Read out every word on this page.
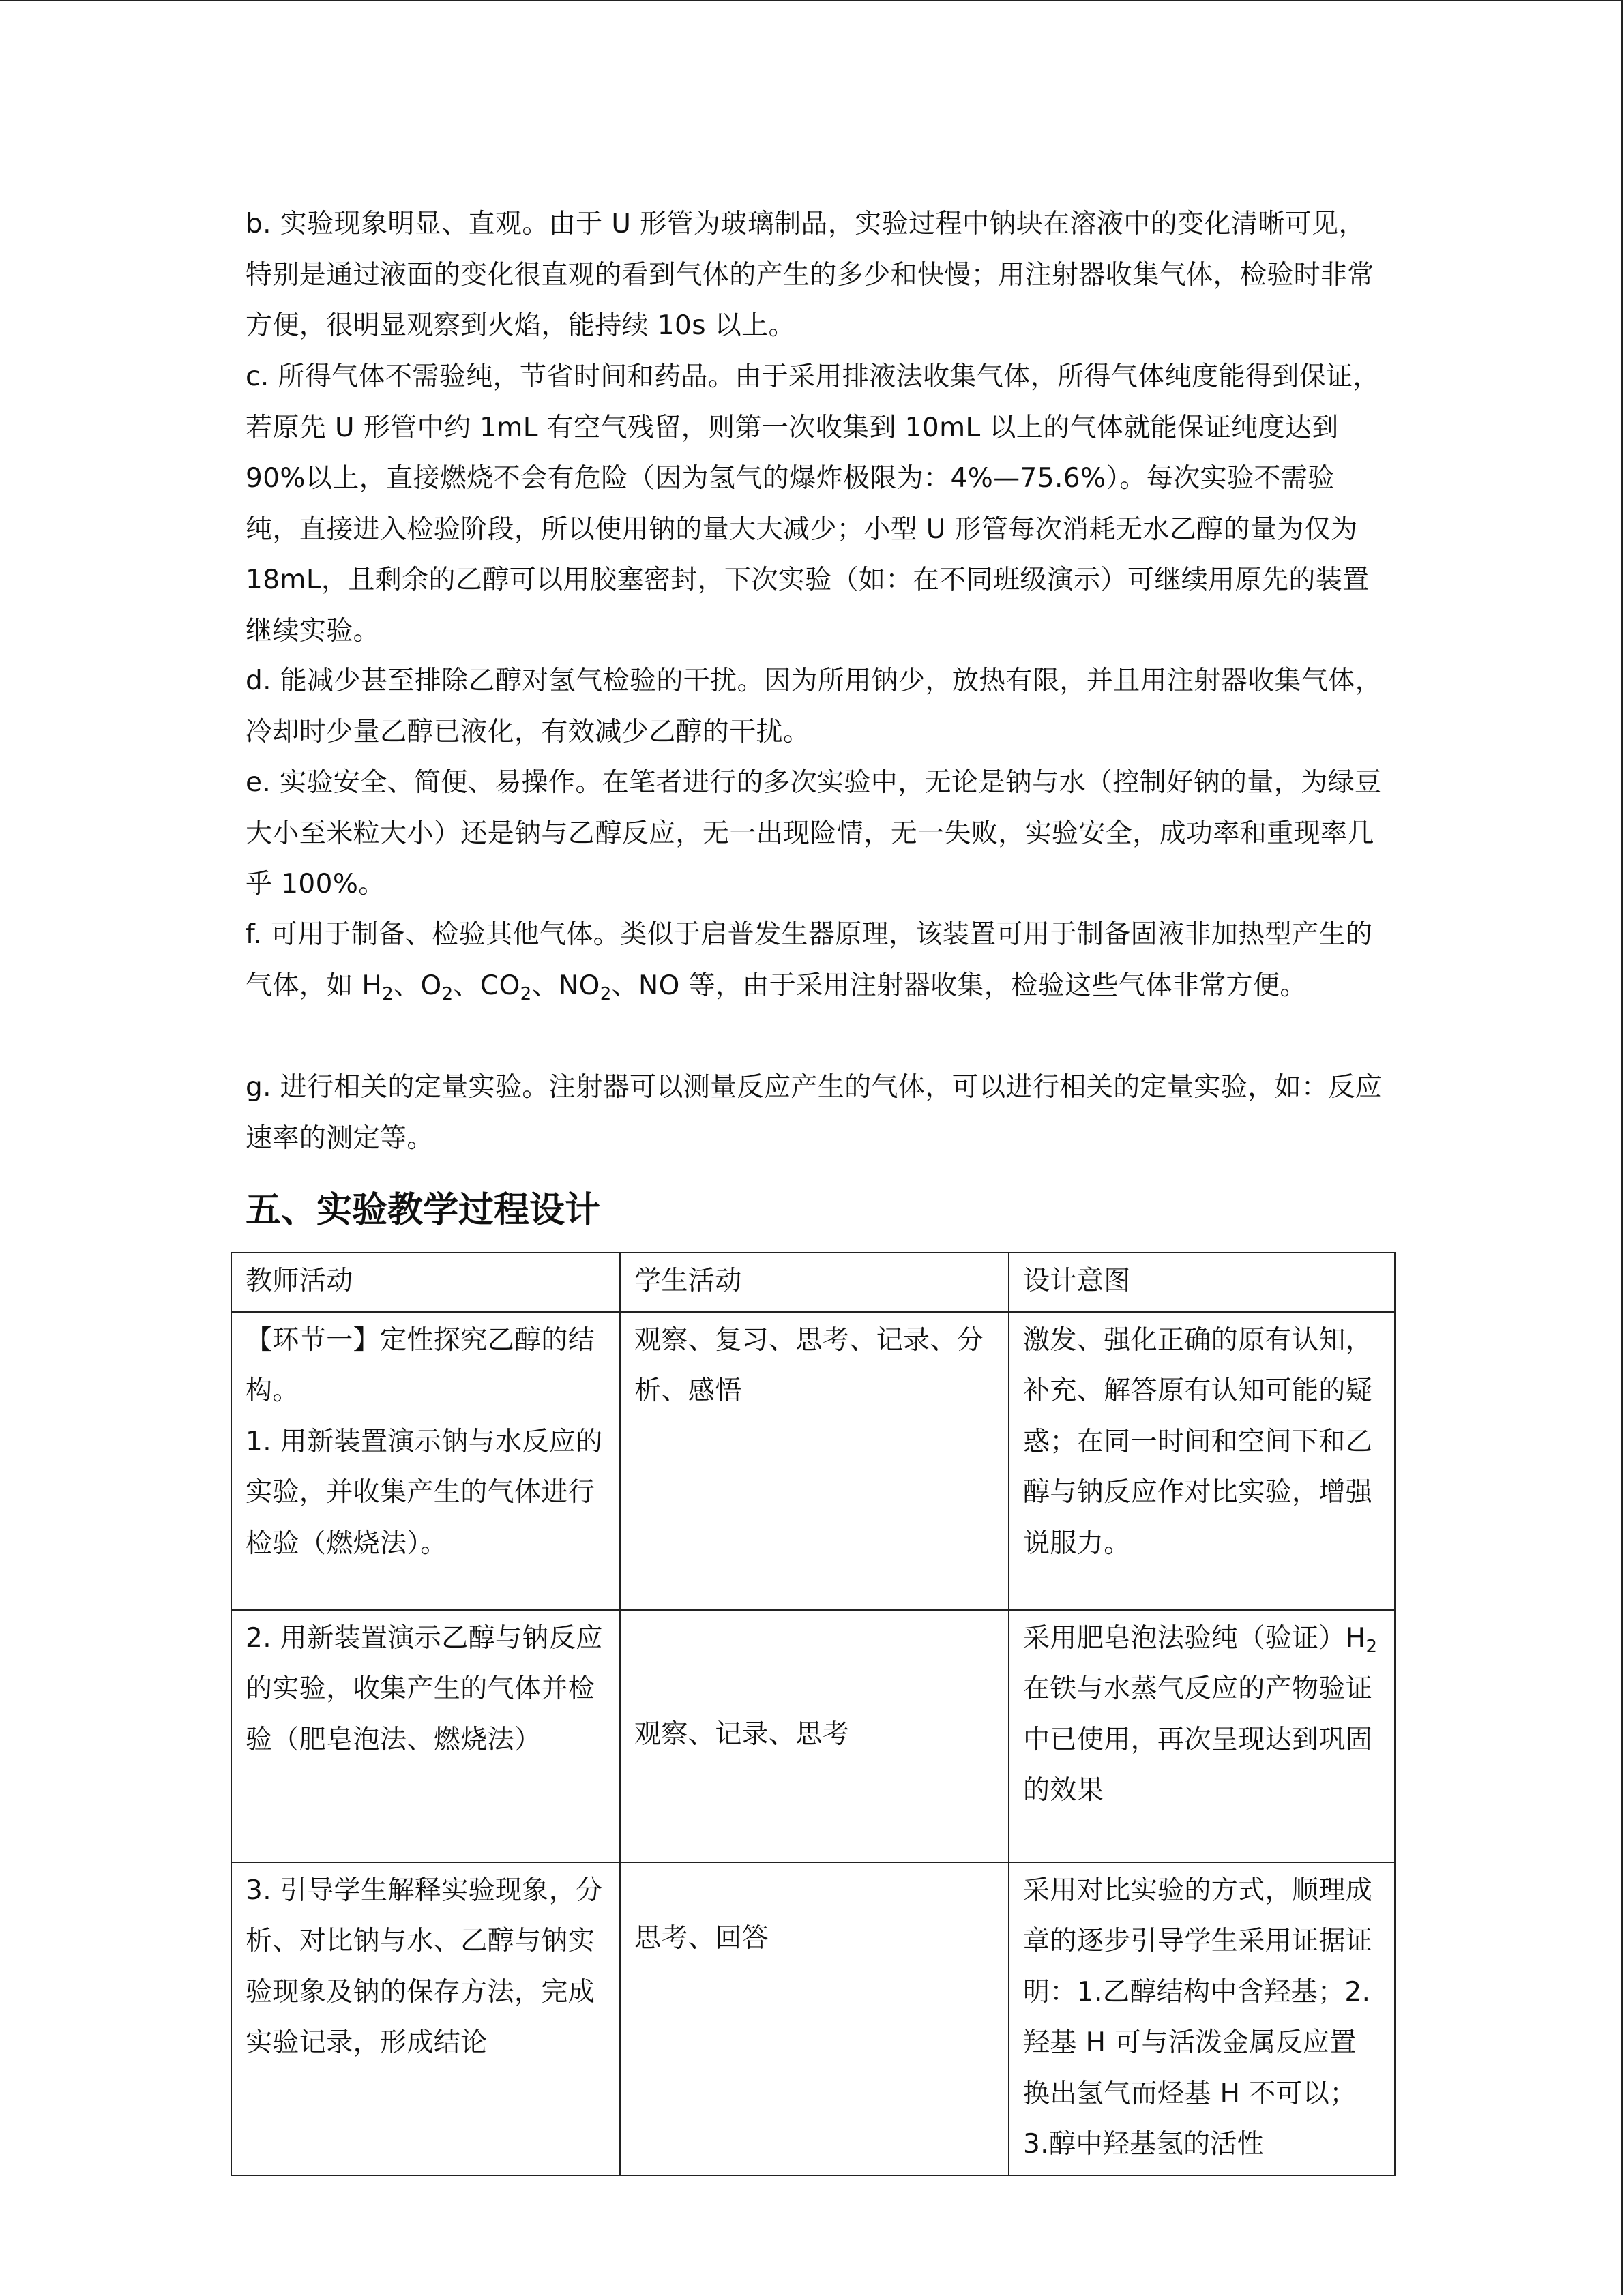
b. 实验现象明显、直观。由于 U 形管为玻璃制品，实验过程中钠块在溶液中的变化清晰可见，特别是通过液面的变化很直观的看到气体的产生的多少和快慢；用注射器收集气体，检验时非常方便，很明显观察到火焰，能持续 10s 以上。

c. 所得气体不需验纯，节省时间和药品。由于采用排液法收集气体，所得气体纯度能得到保证，若原先 U 形管中约 1mL 有空气残留，则第一次收集到 10mL 以上的气体就能保证纯度达到 90%以上，直接燃烧不会有危险（因为氢气的爆炸极限为：4%—75.6%）。每次实验不需验纯，直接进入检验阶段，所以使用钠的量大大减少；小型 U 形管每次消耗无水乙醇的量为仅为 18mL，且剩余的乙醇可以用胶塞密封，下次实验（如：在不同班级演示）可继续用原先的装置继续实验。

d. 能减少甚至排除乙醇对氢气检验的干扰。因为所用钠少，放热有限，并且用注射器收集气体，冷却时少量乙醇已液化，有效减少乙醇的干扰。

e. 实验安全、简便、易操作。在笔者进行的多次实验中，无论是钠与水（控制好钠的量，为绿豆大小至米粒大小）还是钠与乙醇反应，无一出现险情，无一失败，实验安全，成功率和重现率几乎 100%。

f. 可用于制备、检验其他气体。类似于启普发生器原理，该装置可用于制备固液非加热型产生的气体，如 $H_2$、$O_2$、$CO_2$、$NO_2$、NO 等，由于采用注射器收集，检验这些气体非常方便。

g. 进行相关的定量实验。注射器可以测量反应产生的气体，可以进行相关的定量实验，如：反应速率的测定等。

五、实验教学过程设计
教师活动	学生活动	设计意图

【环节一】定性探究乙醇的结构。
1. 用新装置演示钠与水反应的实验，并收集产生的气体进行检验（燃烧法）。	观察、复习、思考、记录、分析、感悟	激发、强化正确的原有认知，补充、解答原有认知可能的疑惑；在同一时间和空间下和乙醇与钠反应作对比实验，增强说服力。
2. 用新装置演示乙醇与钠反应的实验，收集产生的气体并检验（肥皂泡法、燃烧法）	观察、记录、思考	采用肥皂泡法验纯（验证）$H_2$在铁与水蒸气反应的产物验证中已使用，再次呈现达到巩固的效果
3. 引导学生解释实验现象，分析、对比钠与水、乙醇与钠实验现象及钠的保存方法，完成实验记录，形成结论	思考、回答	采用对比实验的方式，顺理成章的逐步引导学生采用证据证明：1.乙醇结构中含羟基；2.羟基 H 可与活泼金属反应置换出氢气而烃基 H 不可以；3.醇中羟基氢的活性
